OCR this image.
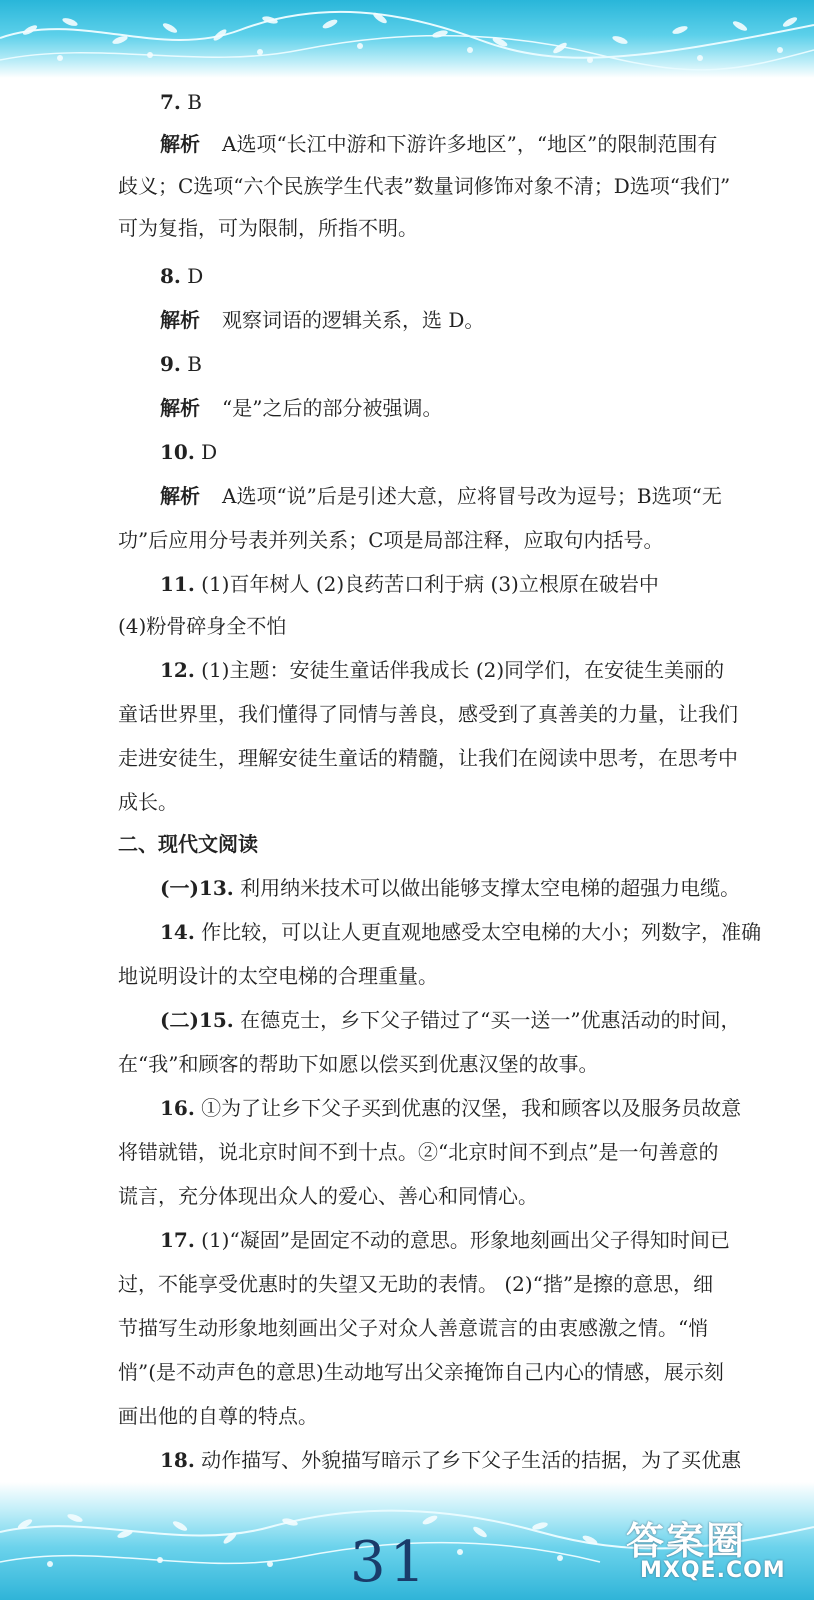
7. B
解析 A选项“长江中游和下游许多地区”，“地区”的限制范围有
歧义；C选项“六个民族学生代表”数量词修饰对象不清；D选项“我们”
可为复指，可为限制，所指不明。
8. D
解析 观察词语的逻辑关系，选 D。
9. B
解析 “是”之后的部分被强调。
10. D
解析 A选项“说”后是引述大意，应将冒号改为逗号；B选项“无
功”后应用分号表并列关系；C项是局部注释，应取句内括号。
11. (1)百年树人 (2)良药苦口利于病 (3)立根原在破岩中
(4)粉骨碎身全不怕
12. (1)主题：安徒生童话伴我成长 (2)同学们，在安徒生美丽的
童话世界里，我们懂得了同情与善良，感受到了真善美的力量，让我们
走进安徒生，理解安徒生童话的精髓，让我们在阅读中思考，在思考中
成长。
二、现代文阅读
(一)13. 利用纳米技术可以做出能够支撑太空电梯的超强力电缆。
14. 作比较，可以让人更直观地感受太空电梯的大小；列数字，准确
地说明设计的太空电梯的合理重量。
(二)15. 在德克士，乡下父子错过了“买一送一”优惠活动的时间，
在“我”和顾客的帮助下如愿以偿买到优惠汉堡的故事。
16. ①为了让乡下父子买到优惠的汉堡，我和顾客以及服务员故意
将错就错，说北京时间不到十点。②“北京时间不到点”是一句善意的
谎言，充分体现出众人的爱心、善心和同情心。
17. (1)“凝固”是固定不动的意思。形象地刻画出父子得知时间已
过，不能享受优惠时的失望又无助的表情。 (2)“揩”是擦的意思，细
节描写生动形象地刻画出父子对众人善意谎言的由衷感激之情。“悄
悄”(是不动声色的意思)生动地写出父亲掩饰自己内心的情感，展示刻
画出他的自尊的特点。
18. 动作描写、外貌描写暗示了乡下父子生活的拮据，为了买优惠
31	答案圈
MXQE.COM
